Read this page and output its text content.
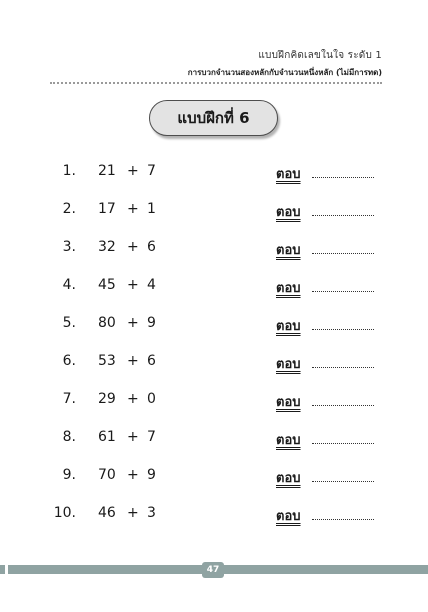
แบบฝึกคิดเลขในใจ ระดับ 1
การบวกจำนวนสองหลักกับจำนวนหนึ่งหลัก (ไม่มีการทด)
แบบฝึกที่ 6
1. 21 + 7	ตอบ
2. 17 + 1	ตอบ
3. 32 + 6	ตอบ
4. 45 + 4	ตอบ
5. 80 + 9	ตอบ
6. 53 + 6	ตอบ
7. 29 + 0	ตอบ
8. 61 + 7	ตอบ
9. 70 + 9	ตอบ
10. 46 + 3	ตอบ
47
